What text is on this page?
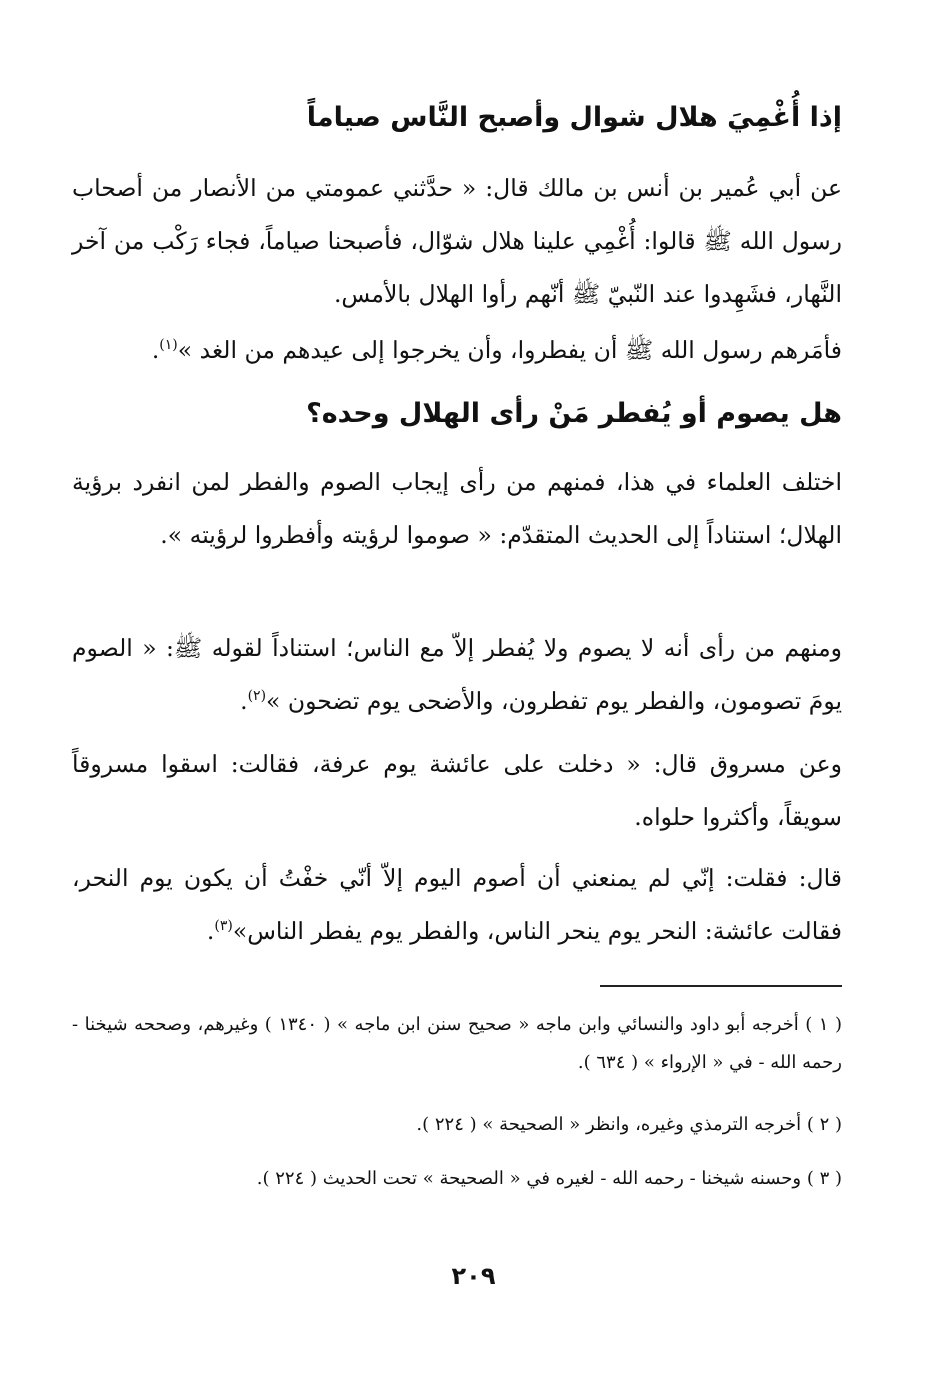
إذا أُغْمِيَ هلال شوال وأصبح النَّاس صياماً
عن أبي عُمير بن أنس بن مالك قال: « حدَّثني عمومتي من الأنصار من أصحاب رسول الله ﷺ قالوا: أُغْمِي علينا هلال شوّال، فأصبحنا صياماً، فجاء رَكْب من آخر النَّهار، فشَهِدوا عند النّبيّ ﷺ أنّهم رأوا الهلال بالأمس.
فأمَرهم رسول الله ﷺ أن يفطروا، وأن يخرجوا إلى عيدهم من الغد »$^{(١)}$.
هل يصوم أو يُفطر مَنْ رأى الهلال وحده؟
اختلف العلماء في هذا، فمنهم من رأى إيجاب الصوم والفطر لمن انفرد برؤية الهلال؛ استناداً إلى الحديث المتقدّم: « صوموا لرؤيته وأفطروا لرؤيته ».
ومنهم من رأى أنه لا يصوم ولا يُفطر إلاّ مع الناس؛ استناداً لقوله ﷺ: « الصوم يومَ تصومون، والفطر يوم تفطرون، والأضحى يوم تضحون »$^{(٢)}$.
وعن مسروق قال: « دخلت على عائشة يوم عرفة، فقالت: اسقوا مسروقاً سويقاً، وأكثروا حلواه.
قال: فقلت: إنّي لم يمنعني أن أصوم اليوم إلاّ أنّي خفْتُ أن يكون يوم النحر، فقالت عائشة: النحر يوم ينحر الناس، والفطر يوم يفطر الناس»$^{(٣)}$.
( ١ ) أخرجه أبو داود والنسائي وابن ماجه « صحيح سنن ابن ماجه » ( ١٣٤٠ ) وغيرهم، وصححه شيخنا - رحمه الله - في « الإرواء » ( ٦٣٤ ).
( ٢ ) أخرجه الترمذي وغيره، وانظر « الصحيحة » ( ٢٢٤ ).
( ٣ ) وحسنه شيخنا - رحمه الله - لغيره في « الصحيحة » تحت الحديث ( ٢٢٤ ).
٢٠٩
